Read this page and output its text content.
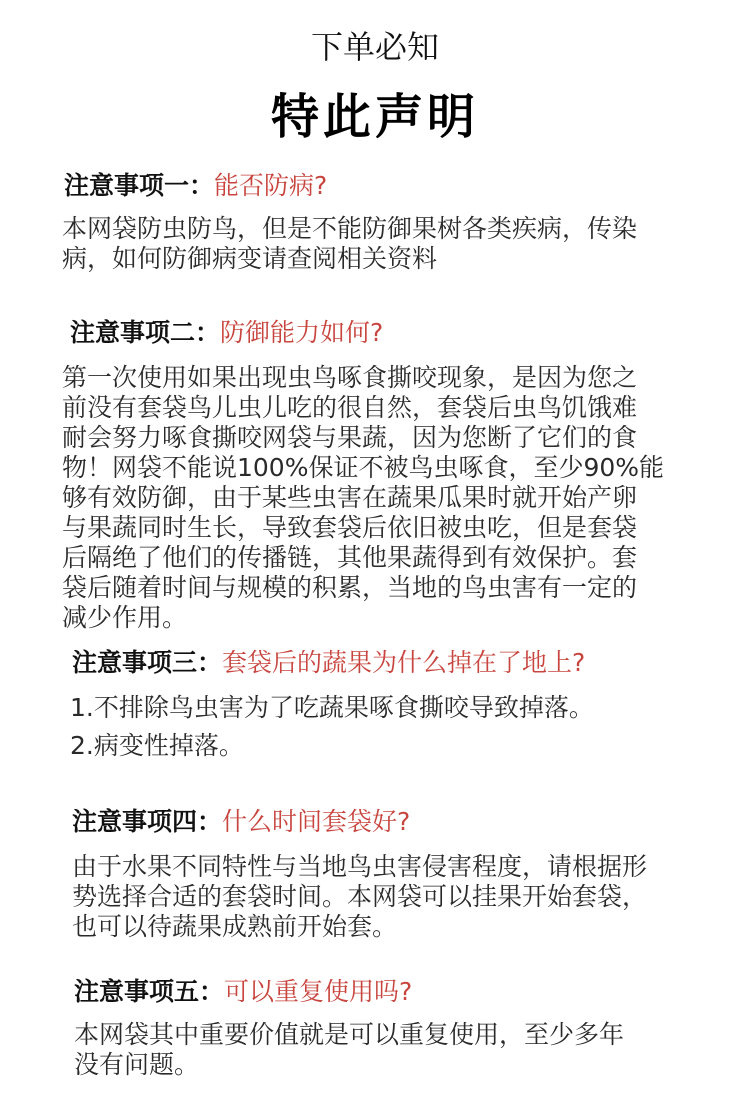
下单必知
特此声明
注意事项一：能否防病?
本网袋防虫防鸟，但是不能防御果树各类疾病，传染
病，如何防御病变请查阅相关资料
注意事项二：防御能力如何?
第一次使用如果出现虫鸟啄食撕咬现象，是因为您之
前没有套袋鸟儿虫儿吃的很自然，套袋后虫鸟饥饿难
耐会努力啄食撕咬网袋与果蔬，因为您断了它们的食
物！网袋不能说100%保证不被鸟虫啄食，至少90%能
够有效防御，由于某些虫害在蔬果瓜果时就开始产卵
与果蔬同时生长，导致套袋后依旧被虫吃，但是套袋
后隔绝了他们的传播链，其他果蔬得到有效保护。套
袋后随着时间与规模的积累，当地的鸟虫害有一定的
减少作用。
注意事项三：套袋后的蔬果为什么掉在了地上?
1.不排除鸟虫害为了吃蔬果啄食撕咬导致掉落。
2.病变性掉落。
注意事项四：什么时间套袋好?
由于水果不同特性与当地鸟虫害侵害程度，请根据形
势选择合适的套袋时间。本网袋可以挂果开始套袋，
也可以待蔬果成熟前开始套。
注意事项五：可以重复使用吗?
本网袋其中重要价值就是可以重复使用，至少多年
没有问题。
